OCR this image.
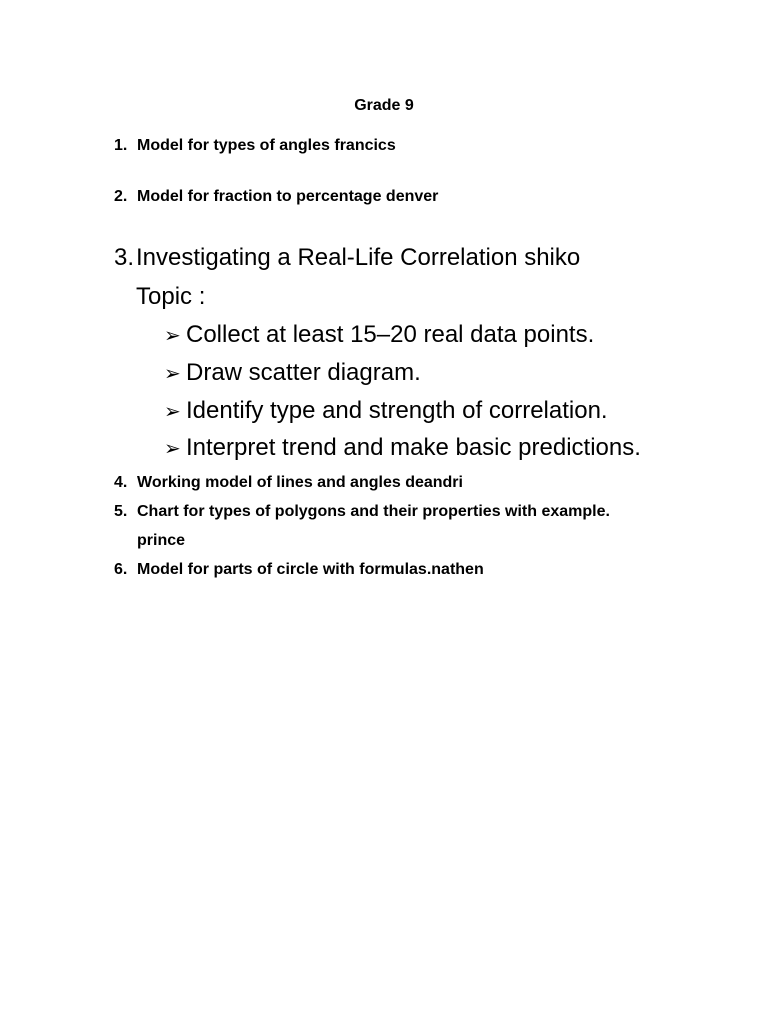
Grade 9
1. Model for types of angles francics
2. Model for fraction to percentage denver
3. Investigating a Real-Life Correlation shiko
Topic :
➢ Collect at least 15–20 real data points.
➢ Draw scatter diagram.
➢ Identify type and strength of correlation.
➢ Interpret trend and make basic predictions.
4. Working model of lines and angles deandri
5. Chart for types of polygons and their properties with example.
prince
6. Model for parts of circle with formulas.nathen
